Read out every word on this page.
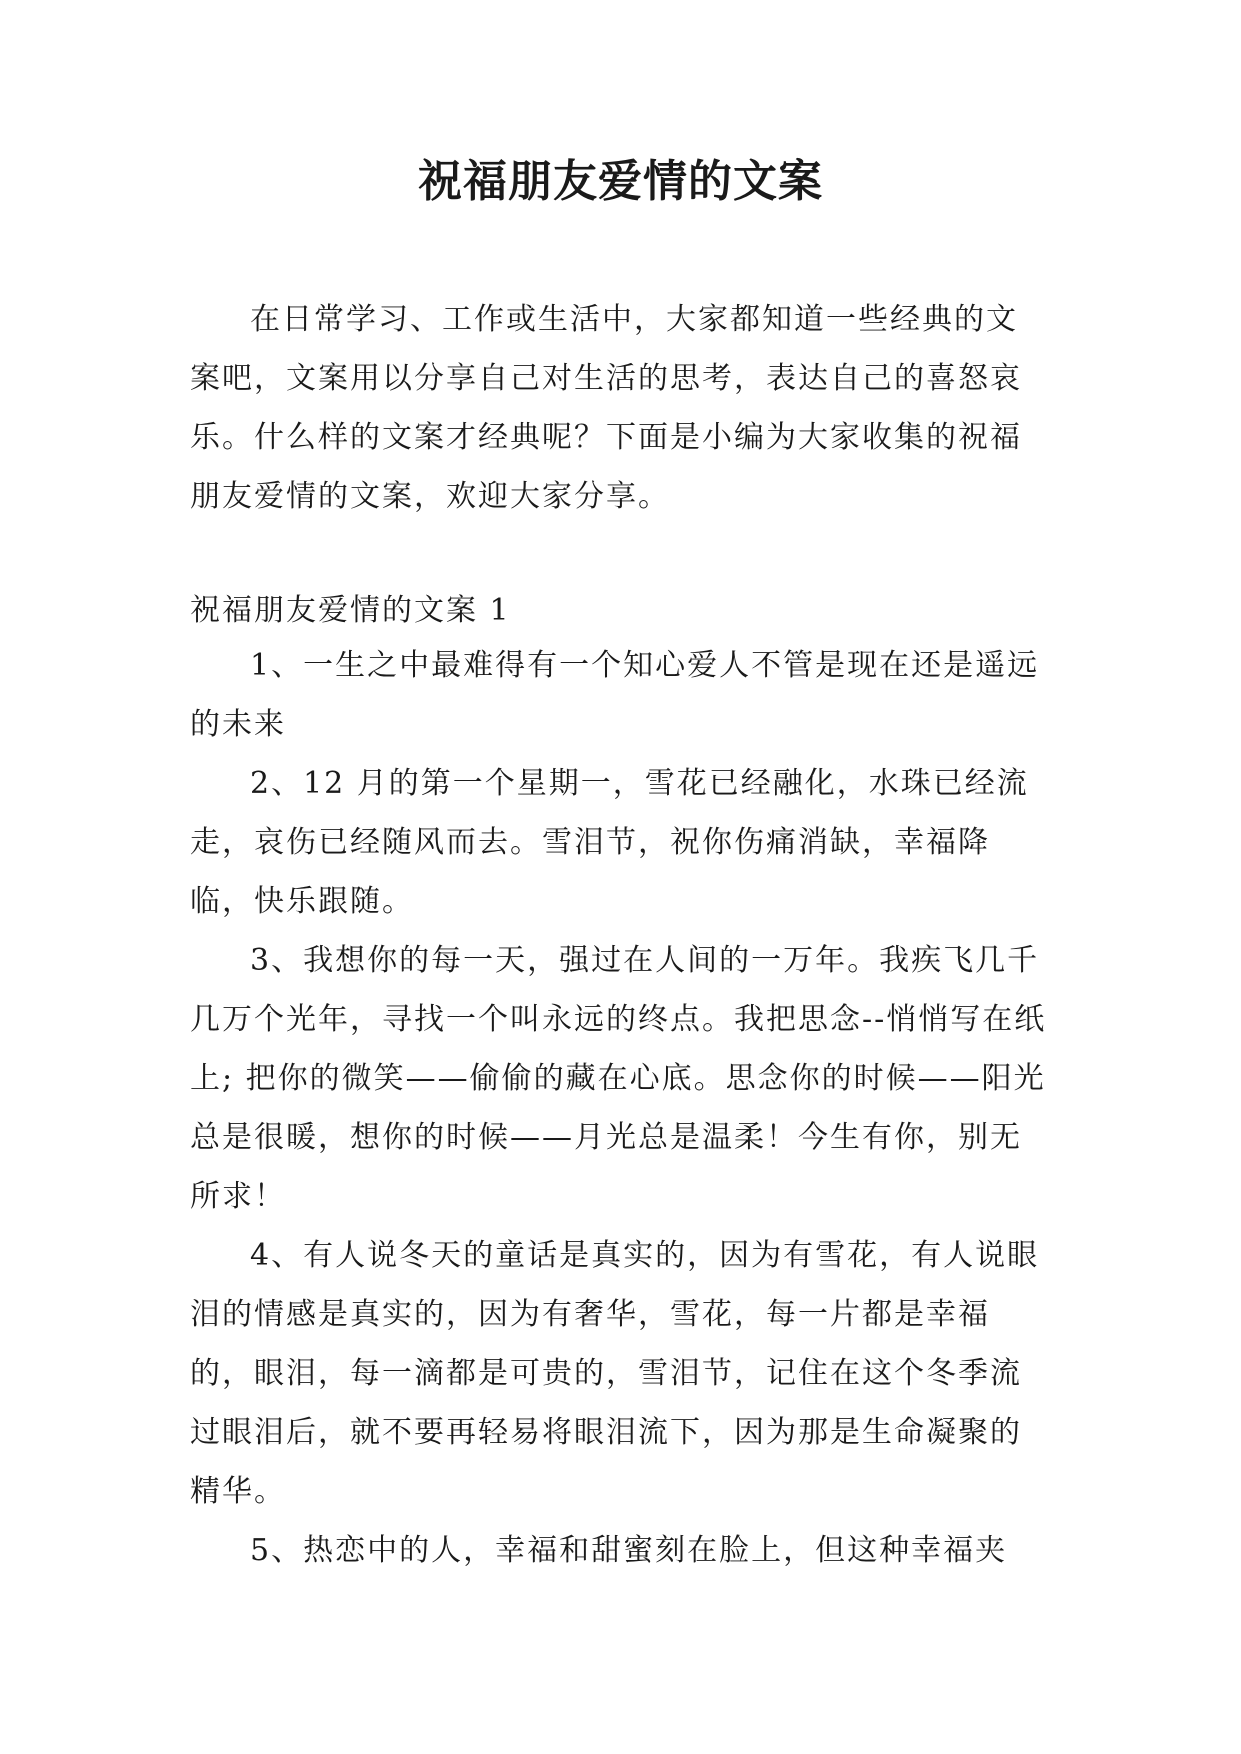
祝福朋友爱情的文案

在日常学习、工作或生活中，大家都知道一些经典的文案吧，文案用以分享自己对生活的思考，表达自己的喜怒哀乐。什么样的文案才经典呢？下面是小编为大家收集的祝福朋友爱情的文案，欢迎大家分享。

祝福朋友爱情的文案 1

1、一生之中最难得有一个知心爱人不管是现在还是遥远的未来

2、12 月的第一个星期一，雪花已经融化，水珠已经流走，哀伤已经随风而去。雪泪节，祝你伤痛消缺，幸福降临，快乐跟随。

3、我想你的每一天，强过在人间的一万年。我疾飞几千几万个光年，寻找一个叫永远的终点。我把思念--悄悄写在纸上; 把你的微笑——偷偷的藏在心底。思念你的时候——阳光总是很暖，想你的时候——月光总是温柔！今生有你，别无所求！

4、有人说冬天的童话是真实的，因为有雪花，有人说眼泪的情感是真实的，因为有奢华，雪花，每一片都是幸福的，眼泪，每一滴都是可贵的，雪泪节，记住在这个冬季流过眼泪后，就不要再轻易将眼泪流下，因为那是生命凝聚的精华。

5、热恋中的人，幸福和甜蜜刻在脸上，但这种幸福夹
